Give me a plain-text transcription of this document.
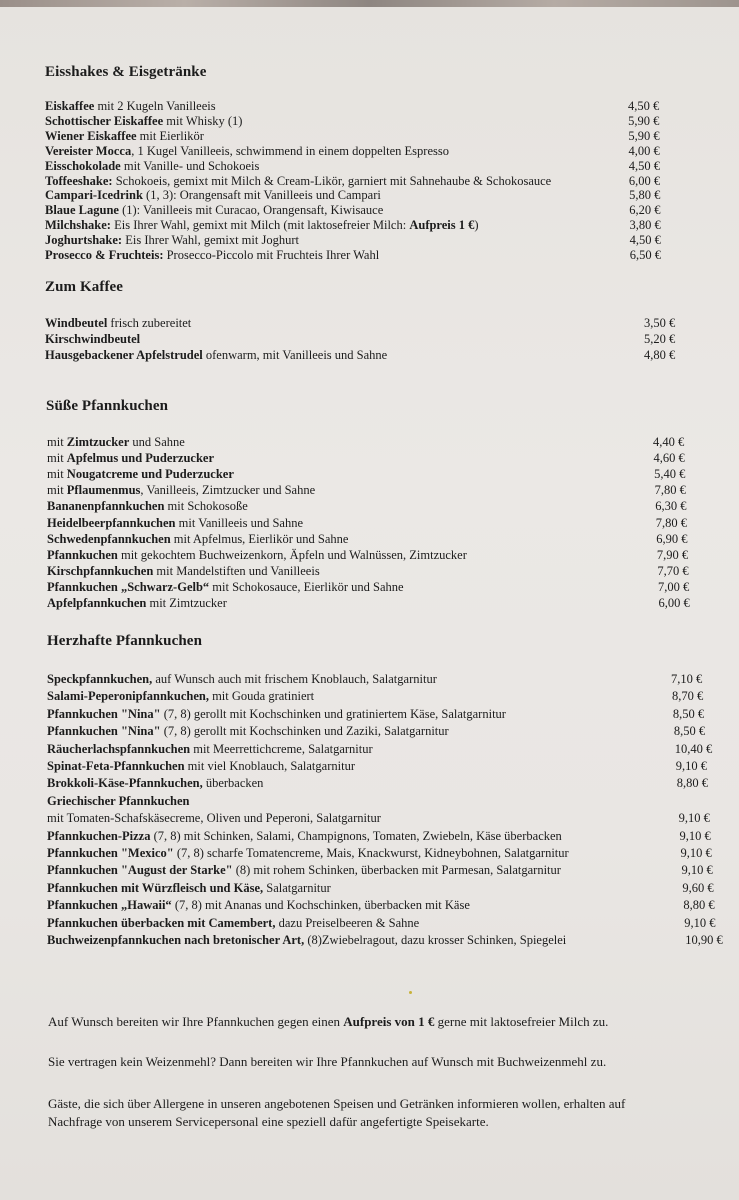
Eisshakes & Eisgetränke
Eiskaffee mit 2 Kugeln Vanilleeis	4,50 €
Schottischer Eiskaffee mit Whisky (1)	5,90 €
Wiener Eiskaffee mit Eierlikör	5,90 €
Vereister Mocca, 1 Kugel Vanilleeis, schwimmend in einem doppelten Espresso	4,00 €
Eisschokolade mit Vanille- und Schokoeis	4,50 €
Toffeeshake: Schokoeis, gemixt mit Milch & Cream-Likör, garniert mit Sahnehaube & Schokosauce	6,00 €
Campari-Icedrink (1, 3): Orangensaft mit Vanilleeis und Campari	5,80 €
Blaue Lagune (1): Vanilleeis mit Curacao, Orangensaft, Kiwisauce	6,20 €
Milchshake: Eis Ihrer Wahl, gemixt mit Milch (mit laktosefreier Milch: Aufpreis 1 €)	3,80 €
Joghurtshake: Eis Ihrer Wahl, gemixt mit Joghurt	4,50 €
Prosecco & Fruchteis: Prosecco-Piccolo mit Fruchteis Ihrer Wahl	6,50 €
Zum Kaffee
Windbeutel frisch zubereitet	3,50 €
Kirschwindbeutel	5,20 €
Hausgebackener Apfelstrudel ofenwarm, mit Vanilleeis und Sahne	4,80 €
Süße Pfannkuchen
mit Zimtzucker und Sahne	4,40 €
mit Apfelmus und Puderzucker	4,60 €
mit Nougatcreme und Puderzucker	5,40 €
mit Pflaumenmus, Vanilleeis, Zimtzucker und Sahne	7,80 €
Bananenpfannkuchen mit Schokosoße	6,30 €
Heidelbeerpfannkuchen mit Vanilleeis und Sahne	7,80 €
Schwedenpfannkuchen mit Apfelmus, Eierlikör und Sahne	6,90 €
Pfannkuchen mit gekochtem Buchweizenkorn, Äpfeln und Walnüssen, Zimtzucker	7,90 €
Kirschpfannkuchen mit Mandelstiften und Vanilleeis	7,70 €
Pfannkuchen „Schwarz-Gelb“ mit Schokosauce, Eierlikör und Sahne	7,00 €
Apfelpfannkuchen mit Zimtzucker	6,00 €
Herzhafte Pfannkuchen
Speckpfannkuchen, auf Wunsch auch mit frischem Knoblauch, Salatgarnitur	7,10 €
Salami-Peperonipfannkuchen, mit Gouda gratiniert	8,70 €
Pfannkuchen "Nina" (7, 8) gerollt mit Kochschinken und gratiniertem Käse, Salatgarnitur	8,50 €
Pfannkuchen "Nina" (7, 8) gerollt mit Kochschinken und Zaziki, Salatgarnitur	8,50 €
Räucherlachspfannkuchen mit Meerrettichcreme, Salatgarnitur	10,40 €
Spinat-Feta-Pfannkuchen mit viel Knoblauch, Salatgarnitur	9,10 €
Brokkoli-Käse-Pfannkuchen, überbacken	8,80 €
Griechischer Pfannkuchen
mit Tomaten-Schafskäsecreme, Oliven und Peperoni, Salatgarnitur	9,10 €
Pfannkuchen-Pizza (7, 8) mit Schinken, Salami, Champignons, Tomaten, Zwiebeln, Käse überbacken	9,10 €
Pfannkuchen "Mexico" (7, 8) scharfe Tomatencreme, Mais, Knackwurst, Kidneybohnen, Salatgarnitur	9,10 €
Pfannkuchen "August der Starke" (8) mit rohem Schinken, überbacken mit Parmesan, Salatgarnitur	9,10 €
Pfannkuchen mit Würzfleisch und Käse, Salatgarnitur	9,60 €
Pfannkuchen „Hawaii“ (7, 8) mit Ananas und Kochschinken, überbacken mit Käse	8,80 €
Pfannkuchen überbacken mit Camembert, dazu Preiselbeeren & Sahne	9,10 €
Buchweizenpfannkuchen nach bretonischer Art, (8)Zwiebelragout, dazu krosser Schinken, Spiegelei	10,90 €
Auf Wunsch bereiten wir Ihre Pfannkuchen gegen einen Aufpreis von 1 € gerne mit laktosefreier Milch zu.
Sie vertragen kein Weizenmehl? Dann bereiten wir Ihre Pfannkuchen auf Wunsch mit Buchweizenmehl zu.
Gäste, die sich über Allergene in unseren angebotenen Speisen und Getränken informieren wollen, erhalten auf
Nachfrage von unserem Servicepersonal eine speziell dafür angefertigte Speisekarte.
